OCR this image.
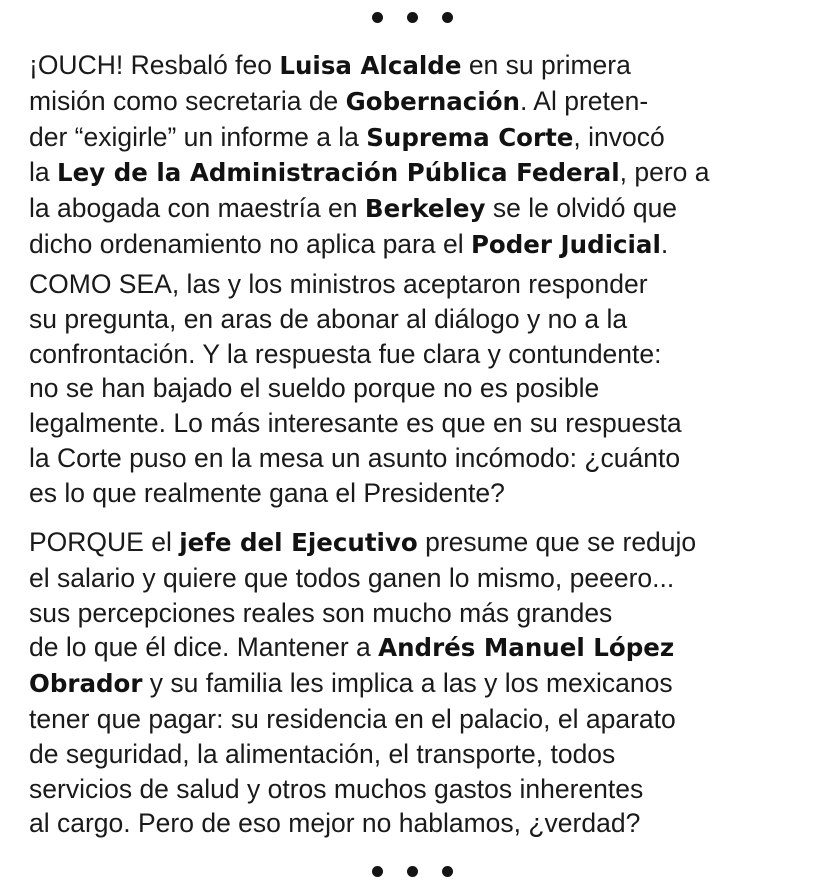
¡OUCH! Resbaló feo Luisa Alcalde en su primera
misión como secretaria de Gobernación. Al preten-
der “exigirle” un informe a la Suprema Corte, invocó
la Ley de la Administración Pública Federal, pero a
la abogada con maestría en Berkeley se le olvidó que
dicho ordenamiento no aplica para el Poder Judicial.

COMO SEA, las y los ministros aceptaron responder
su pregunta, en aras de abonar al diálogo y no a la
confrontación. Y la respuesta fue clara y contundente:
no se han bajado el sueldo porque no es posible
legalmente. Lo más interesante es que en su respuesta
la Corte puso en la mesa un asunto incómodo: ¿cuánto
es lo que realmente gana el Presidente?

PORQUE el jefe del Ejecutivo presume que se redujo
el salario y quiere que todos ganen lo mismo, peeero...
sus percepciones reales son mucho más grandes
de lo que él dice. Mantener a Andrés Manuel López
Obrador y su familia les implica a las y los mexicanos
tener que pagar: su residencia en el palacio, el aparato
de seguridad, la alimentación, el transporte, todos
servicios de salud y otros muchos gastos inherentes
al cargo. Pero de eso mejor no hablamos, ¿verdad?
